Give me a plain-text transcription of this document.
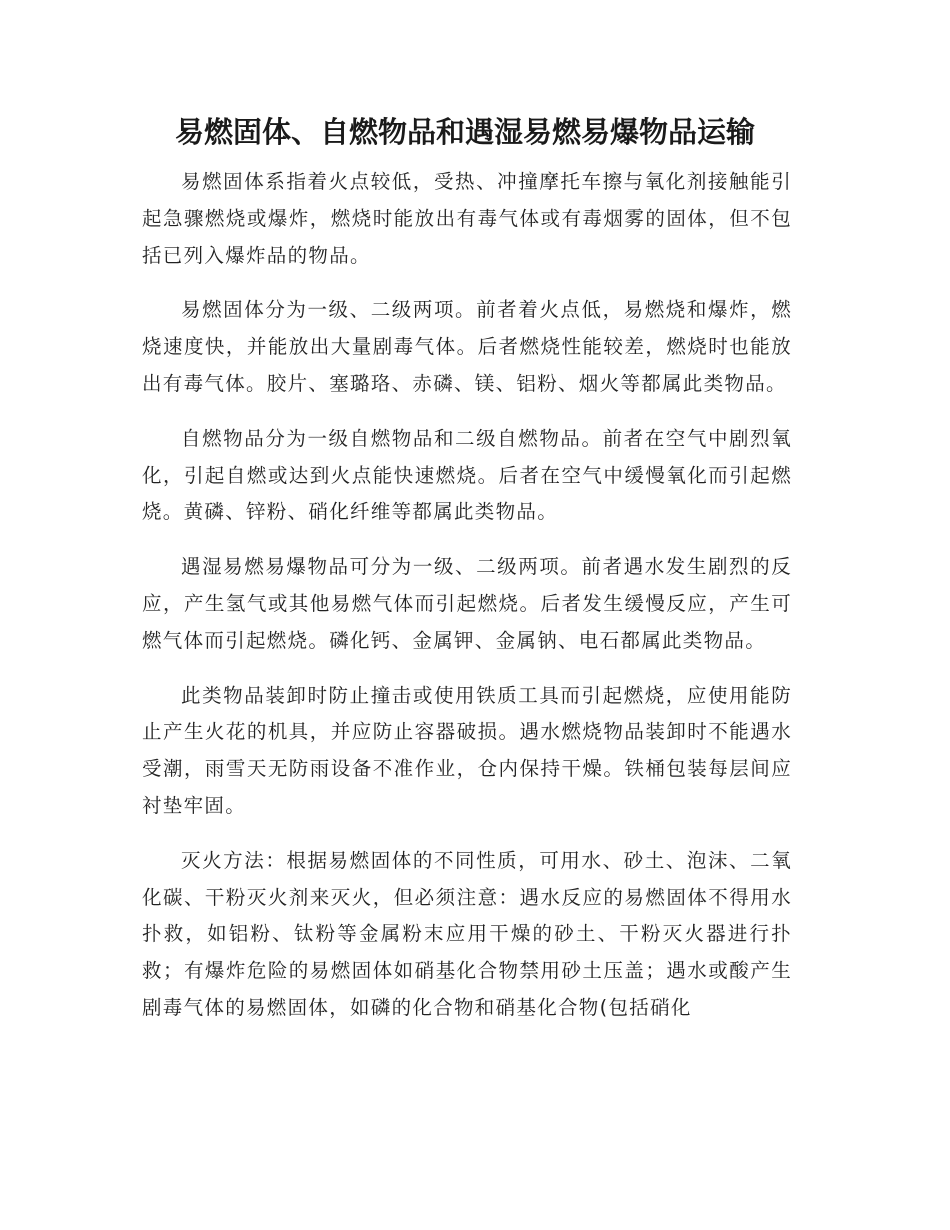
易燃固体、自燃物品和遇湿易燃易爆物品运输

易燃固体系指着火点较低，受热、冲撞摩托车擦与氧化剂接触能引起急骤燃烧或爆炸，燃烧时能放出有毒气体或有毒烟雾的固体，但不包括已列入爆炸品的物品。

易燃固体分为一级、二级两项。前者着火点低，易燃烧和爆炸，燃烧速度快，并能放出大量剧毒气体。后者燃烧性能较差，燃烧时也能放出有毒气体。胶片、塞璐珞、赤磷、镁、铝粉、烟火等都属此类物品。

自燃物品分为一级自燃物品和二级自燃物品。前者在空气中剧烈氧化，引起自燃或达到火点能快速燃烧。后者在空气中缓慢氧化而引起燃烧。黄磷、锌粉、硝化纤维等都属此类物品。

遇湿易燃易爆物品可分为一级、二级两项。前者遇水发生剧烈的反应，产生氢气或其他易燃气体而引起燃烧。后者发生缓慢反应，产生可燃气体而引起燃烧。磷化钙、金属钾、金属钠、电石都属此类物品。

此类物品装卸时防止撞击或使用铁质工具而引起燃烧，应使用能防止产生火花的机具，并应防止容器破损。遇水燃烧物品装卸时不能遇水受潮，雨雪天无防雨设备不准作业，仓内保持干燥。铁桶包装每层间应衬垫牢固。

灭火方法：根据易燃固体的不同性质，可用水、砂土、泡沫、二氧化碳、干粉灭火剂来灭火，但必须注意：遇水反应的易燃固体不得用水扑救，如铝粉、钛粉等金属粉末应用干燥的砂土、干粉灭火器进行扑救；有爆炸危险的易燃固体如硝基化合物禁用砂土压盖；遇水或酸产生剧毒气体的易燃固体，如磷的化合物和硝基化合物(包括硝化
